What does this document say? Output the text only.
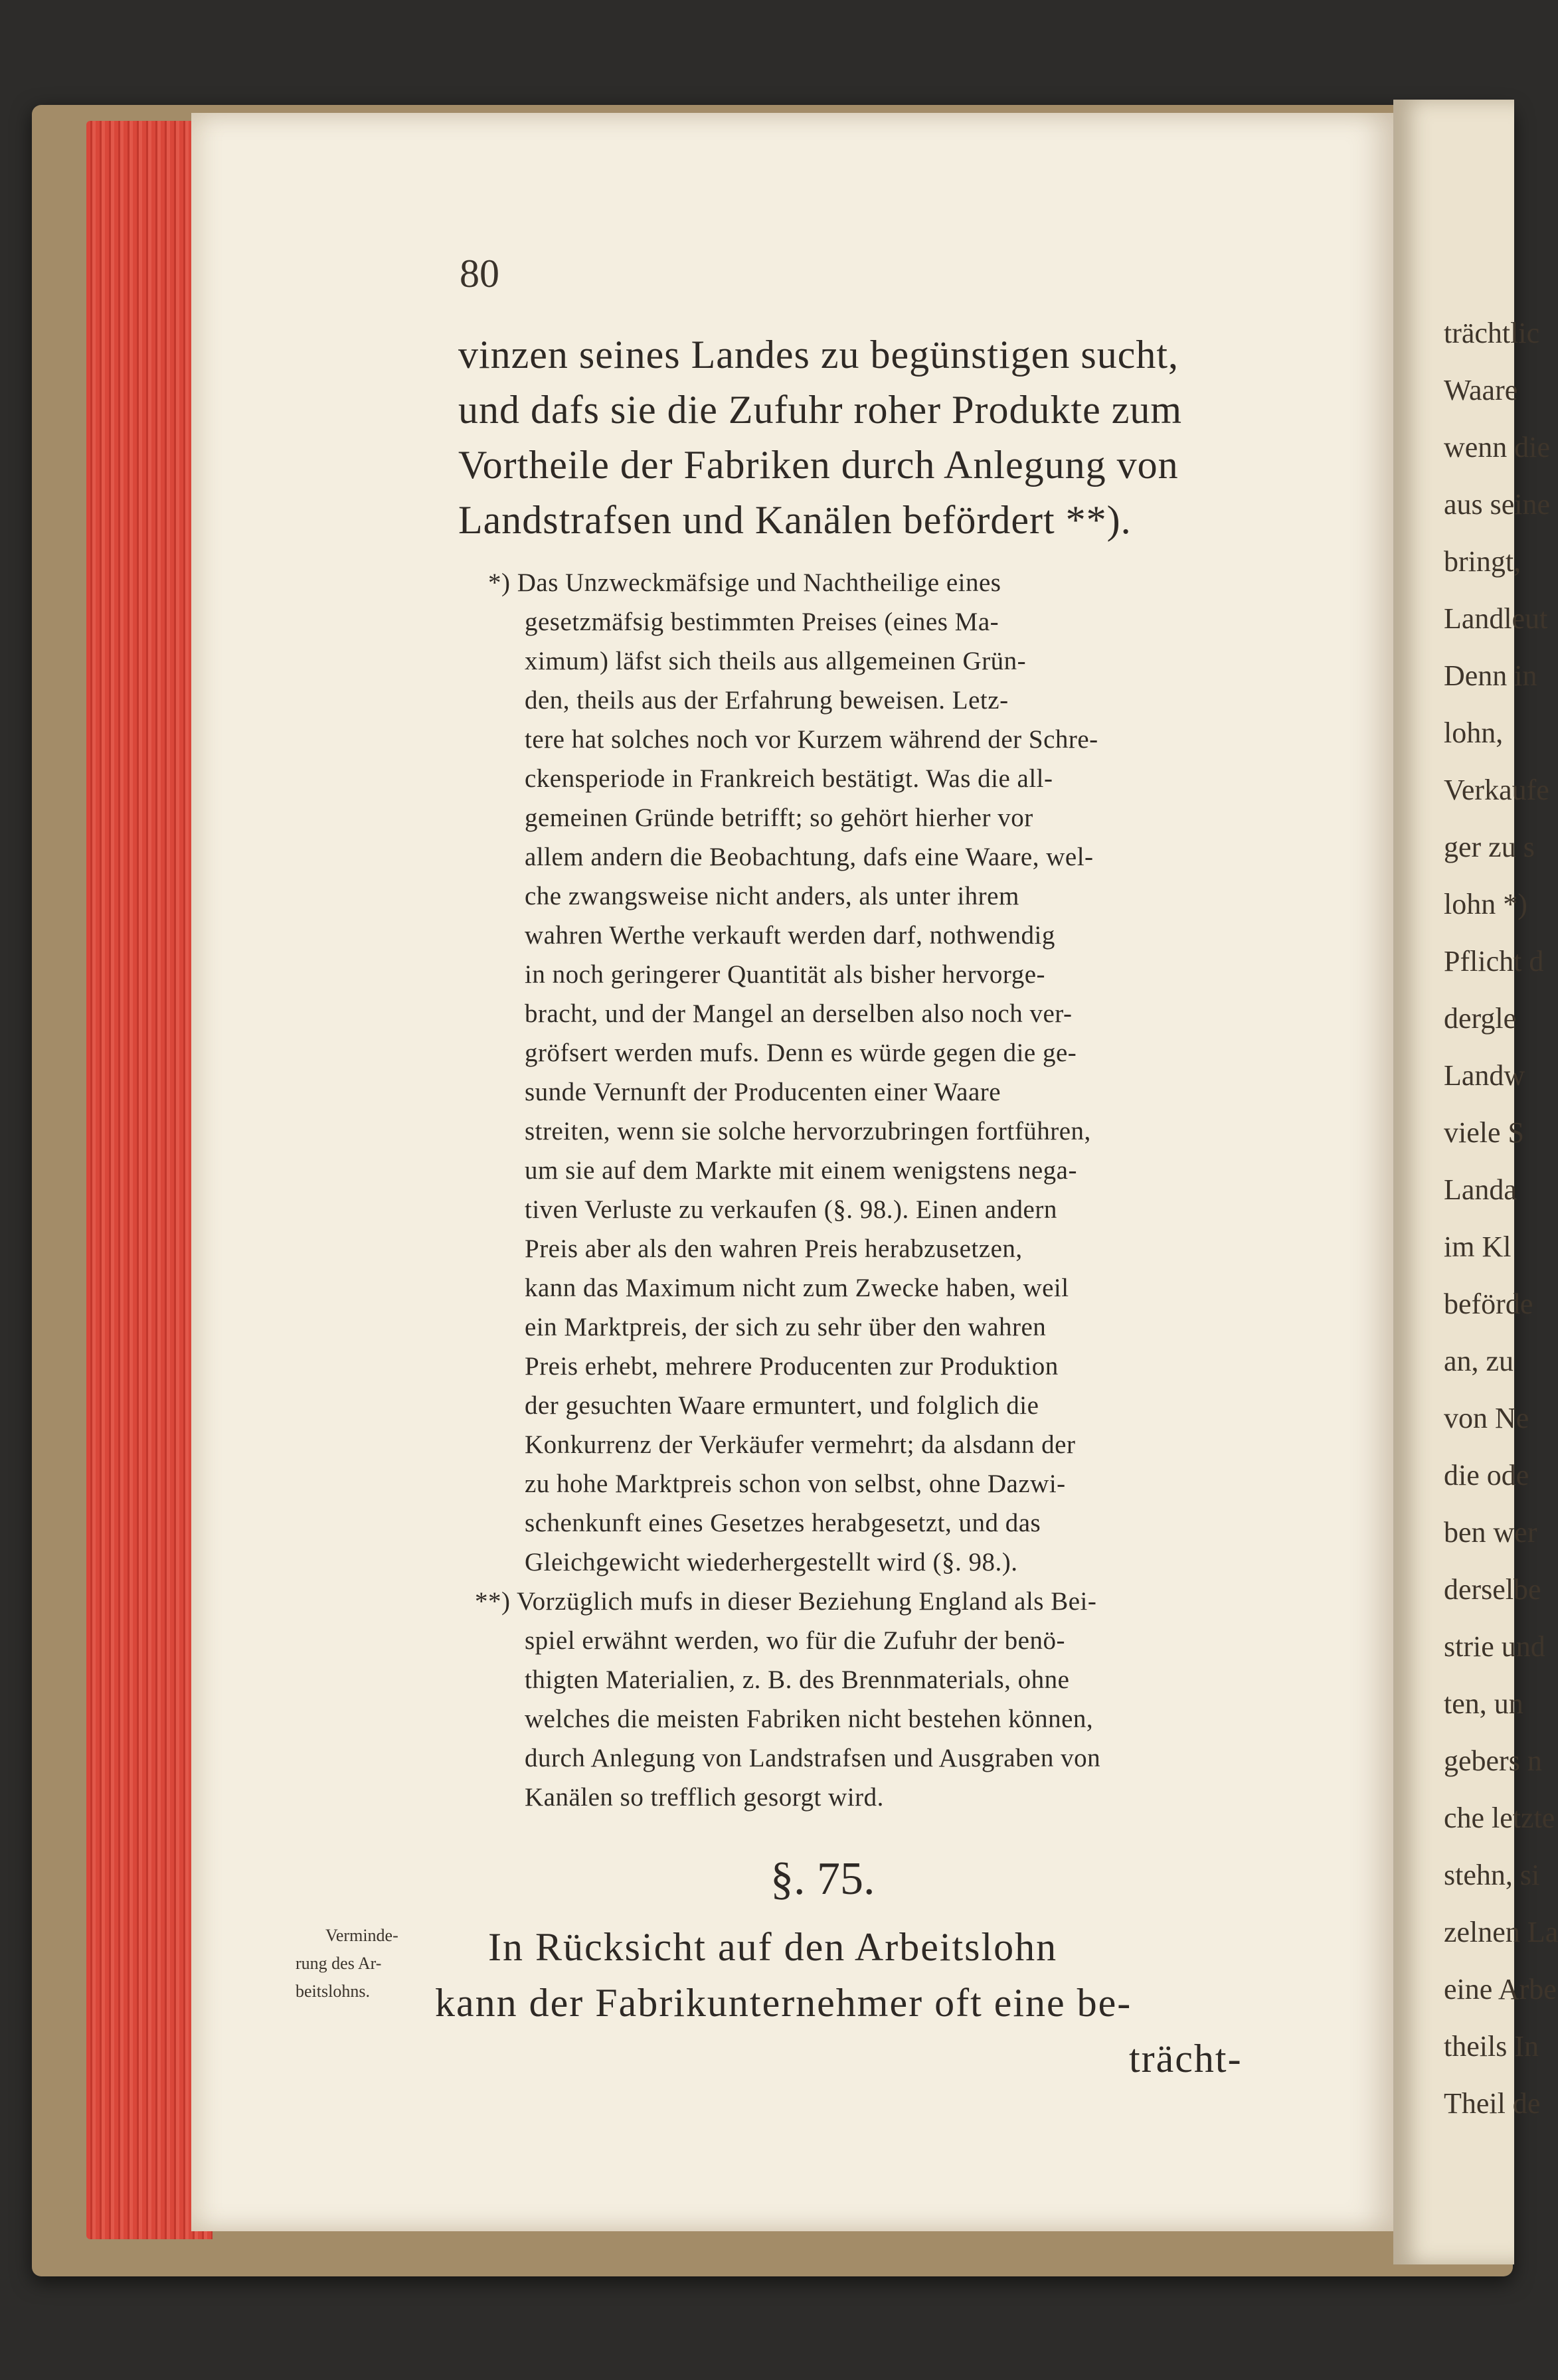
trächtlic
Waare
wenn die
aus seine
bringt,
Landleut
Denn in
lohn,
Verkaufe
ger zu s
lohn *)
Pflicht d
dergle
Landw
viele S
Landa
im Kl
beförde
an, zu
von Ne
die ode
ben wer
derselbe
strie und
ten, un
gebers n
che letzte
stehn, si
zelnen La
eine Arbe
theils In
Theil de
80
vinzen seines Landes zu begünstigen sucht,
und dafs sie die Zufuhr roher Produkte zum
Vortheile der Fabriken durch Anlegung von
Landstrafsen und Kanälen befördert **).
*) Das Unzweckmäfsige und Nachtheilige eines
gesetzmäfsig bestimmten Preises (eines Ma-
ximum) läfst sich theils aus allgemeinen Grün-
den, theils aus der Erfahrung beweisen. Letz-
tere hat solches noch vor Kurzem während der Schre-
ckensperiode in Frankreich bestätigt. Was die all-
gemeinen Gründe betrifft; so gehört hierher vor
allem andern die Beobachtung, dafs eine Waare, wel-
che zwangsweise nicht anders, als unter ihrem
wahren Werthe verkauft werden darf, nothwendig
in noch geringerer Quantität als bisher hervorge-
bracht, und der Mangel an derselben also noch ver-
gröfsert werden mufs. Denn es würde gegen die ge-
sunde Vernunft der Producenten einer Waare
streiten, wenn sie solche hervorzubringen fortführen,
um sie auf dem Markte mit einem wenigstens nega-
tiven Verluste zu verkaufen (§. 98.). Einen andern
Preis aber als den wahren Preis herabzusetzen,
kann das Maximum nicht zum Zwecke haben, weil
ein Marktpreis, der sich zu sehr über den wahren
Preis erhebt, mehrere Producenten zur Produktion
der gesuchten Waare ermuntert, und folglich die
Konkurrenz der Verkäufer vermehrt; da alsdann der
zu hohe Marktpreis schon von selbst, ohne Dazwi-
schenkunft eines Gesetzes herabgesetzt, und das
Gleichgewicht wiederhergestellt wird (§. 98.).
**) Vorzüglich mufs in dieser Beziehung England als Bei-
spiel erwähnt werden, wo für die Zufuhr der benö-
thigten Materialien, z. B. des Brennmaterials, ohne
welches die meisten Fabriken nicht bestehen können,
durch Anlegung von Landstrafsen und Ausgraben von
Kanälen so trefflich gesorgt wird.
§. 75.
Verminde-
rung des Ar-
beitslohns.
In Rücksicht auf den Arbeitslohn
kann der Fabrikunternehmer oft eine be-
trächt-
